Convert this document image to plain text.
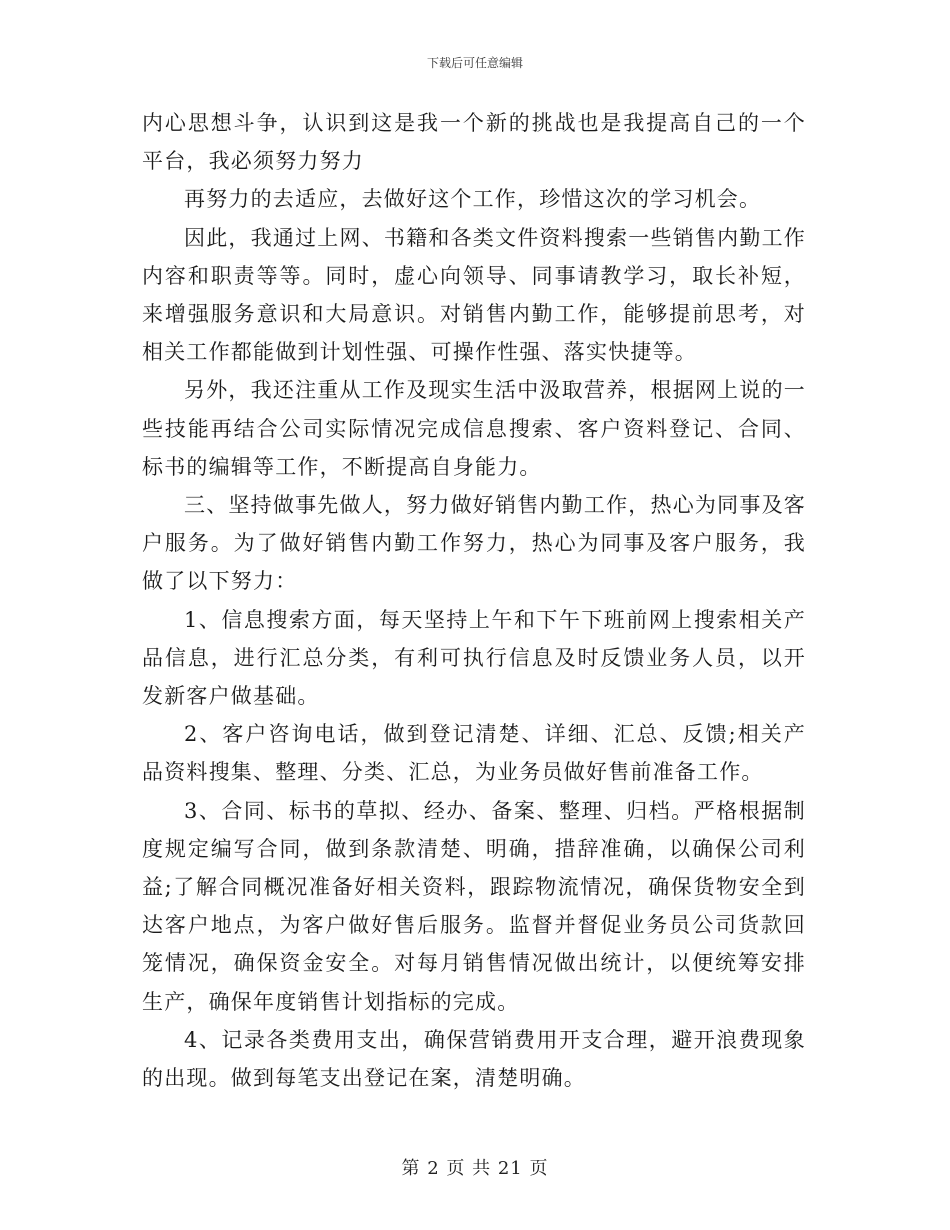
下载后可任意编辑

内心思想斗争，认识到这是我一个新的挑战也是我提高自己的一个平台，我必须努力努力

再努力的去适应，去做好这个工作，珍惜这次的学习机会。

因此，我通过上网、书籍和各类文件资料搜索一些销售内勤工作内容和职责等等。同时，虚心向领导、同事请教学习，取长补短，来增强服务意识和大局意识。对销售内勤工作，能够提前思考，对相关工作都能做到计划性强、可操作性强、落实快捷等。

另外，我还注重从工作及现实生活中汲取营养，根据网上说的一些技能再结合公司实际情况完成信息搜索、客户资料登记、合同、标书的编辑等工作，不断提高自身能力。

三、坚持做事先做人，努力做好销售内勤工作，热心为同事及客户服务。为了做好销售内勤工作努力，热心为同事及客户服务，我做了以下努力：

1、信息搜索方面，每天坚持上午和下午下班前网上搜索相关产品信息，进行汇总分类，有利可执行信息及时反馈业务人员，以开发新客户做基础。

2、客户咨询电话，做到登记清楚、详细、汇总、反馈;相关产品资料搜集、整理、分类、汇总，为业务员做好售前准备工作。

3、合同、标书的草拟、经办、备案、整理、归档。严格根据制度规定编写合同，做到条款清楚、明确，措辞准确，以确保公司利益;了解合同概况准备好相关资料，跟踪物流情况，确保货物安全到达客户地点，为客户做好售后服务。监督并督促业务员公司货款回笼情况，确保资金安全。对每月销售情况做出统计，以便统筹安排生产，确保年度销售计划指标的完成。

4、记录各类费用支出，确保营销费用开支合理，避开浪费现象的出现。做到每笔支出登记在案，清楚明确。

第 2 页 共 21 页
